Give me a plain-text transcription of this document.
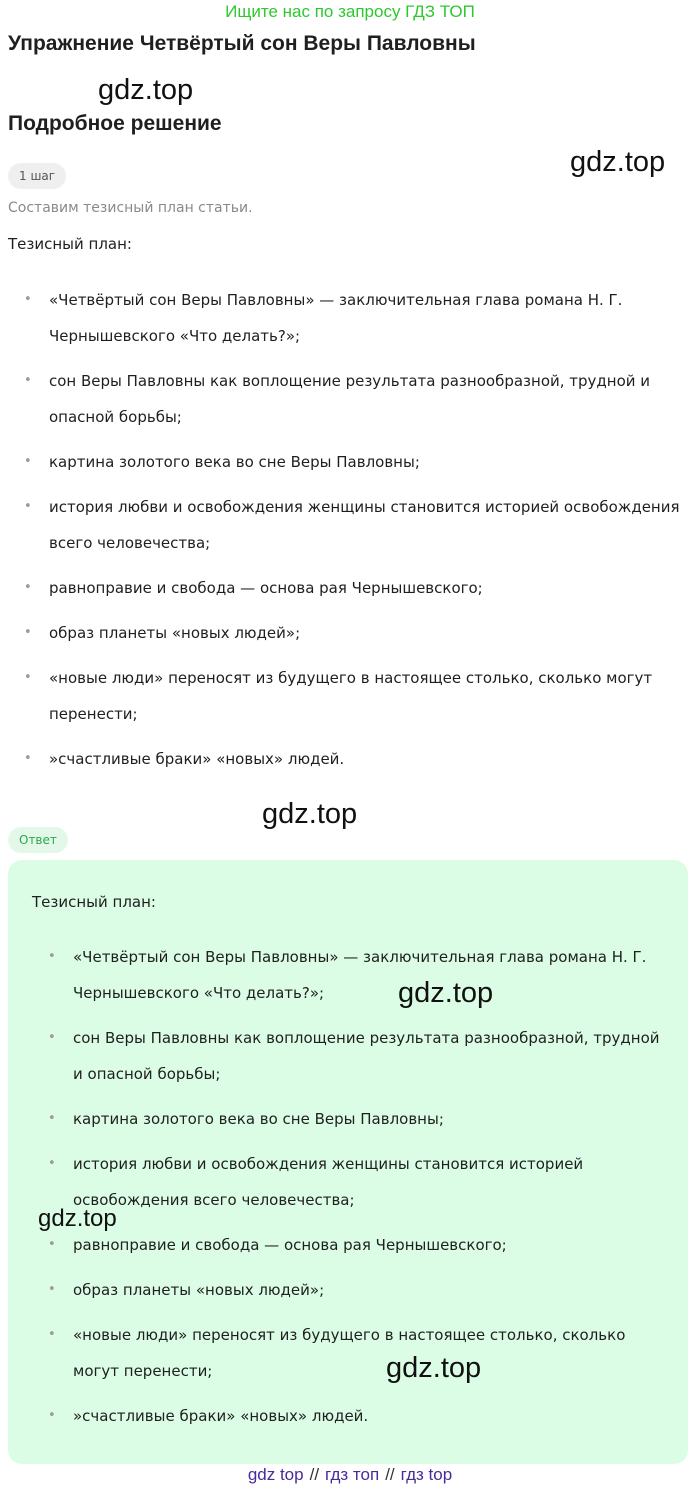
Ищите нас по запросу ГДЗ ТОП
Упражнение Четвёртый сон Веры Павловны
gdz.top
Подробное решение
gdz.top
1 шаг
Составим тезисный план статьи.
Тезисный план:
• «Четвёртый сон Веры Павловны» — заключительная глава романа Н. Г. Чернышевского «Что делать?»;
• сон Веры Павловны как воплощение результата разнообразной, трудной и опасной борьбы;
• картина золотого века во сне Веры Павловны;
• история любви и освобождения женщины становится историей освобождения всего человечества;
• равноправие и свобода — основа рая Чернышевского;
• образ планеты «новых людей»;
• «новые люди» переносят из будущего в настоящее столько, сколько могут перенести;
• »счастливые браки» «новых» людей.
gdz.top
Ответ
Тезисный план:
• «Четвёртый сон Веры Павловны» — заключительная глава романа Н. Г. Чернышевского «Что делать?»;
• сон Веры Павловны как воплощение результата разнообразной, трудной и опасной борьбы;
• картина золотого века во сне Веры Павловны;
• история любви и освобождения женщины становится историей освобождения всего человечества;
• равноправие и свобода — основа рая Чернышевского;
• образ планеты «новых людей»;
• «новые люди» переносят из будущего в настоящее столько, сколько могут перенести;
• »счастливые браки» «новых» людей.
gdz.top
gdz.top
gdz.top
gdz top // гдз топ // гдз top
